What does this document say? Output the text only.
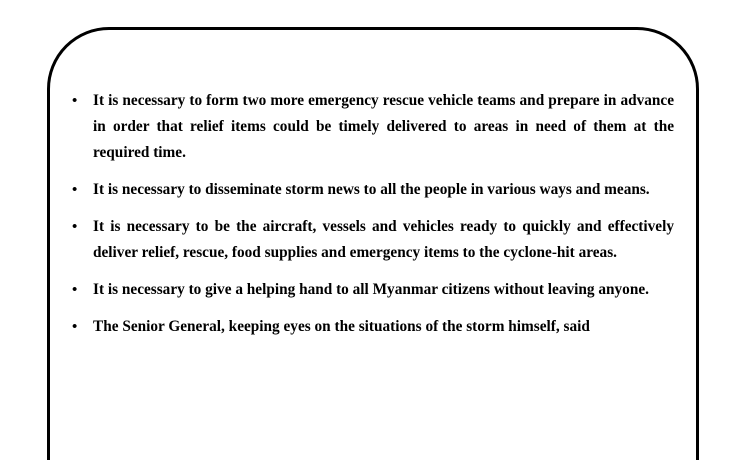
• It is necessary to form two more emergency rescue vehicle teams and prepare in advance in order that relief items could be timely delivered to areas in need of them at the required time.
• It is necessary to disseminate storm news to all the people in various ways and means.
• It is necessary to be the aircraft, vessels and vehicles ready to quickly and effectively deliver relief, rescue, food supplies and emergency items to the cyclone-hit areas.
• It is necessary to give a helping hand to all Myanmar citizens without leaving anyone.
• The Senior General, keeping eyes on the situations of the storm himself, said
